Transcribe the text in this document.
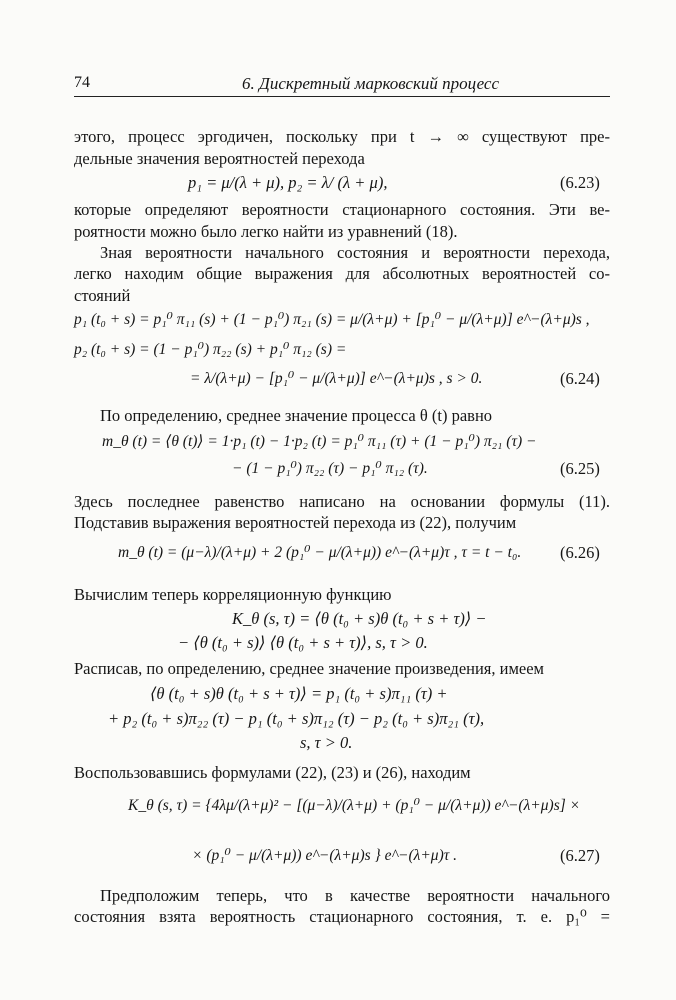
74	6. Дискретный марковский процесс
этого, процесс эргодичен, поскольку при t → ∞ существуют пре-
дельные значения вероятностей перехода
p₁ = μ/(λ + μ), p₂ = λ/ (λ + μ),	(6.23)
которые определяют вероятности стационарного состояния. Эти ве-
роятности можно было легко найти из уравнений (18).
Зная вероятности начального состояния и вероятности перехода,
легко находим общие выражения для абсолютных вероятностей со-
стояний
p₁ (t₀ + s) = p₁⁰ π₁₁ (s) + (1 − p₁⁰) π₂₁ (s) = μ/(λ+μ) + [p₁⁰ − μ/(λ+μ)] e^−(λ+μ)s ,
p₂ (t₀ + s) = (1 − p₁⁰) π₂₂ (s) + p₁⁰ π₁₂ (s) =
= λ/(λ+μ) − [p₁⁰ − μ/(λ+μ)] e^−(λ+μ)s , s > 0.	(6.24)
По определению, среднее значение процесса θ (t) равно
m_θ (t) = ⟨θ (t)⟩ = 1·p₁ (t) − 1·p₂ (t) = p₁⁰ π₁₁ (τ) + (1 − p₁⁰) π₂₁ (τ) −
− (1 − p₁⁰) π₂₂ (τ) − p₁⁰ π₁₂ (τ).	(6.25)
Здесь последнее равенство написано на основании формулы (11).
Подставив выражения вероятностей перехода из (22), получим
m_θ (t) = (μ−λ)/(λ+μ) + 2 (p₁⁰ − μ/(λ+μ)) e^−(λ+μ)τ , τ = t − t₀. (6.26)
Вычислим теперь корреляционную функцию
K_θ (s, τ) = ⟨θ (t₀ + s)θ (t₀ + s + τ)⟩ −
− ⟨θ (t₀ + s)⟩ ⟨θ (t₀ + s + τ)⟩, s, τ > 0.
Расписав, по определению, среднее значение произведения, имеем
⟨θ (t₀ + s)θ (t₀ + s + τ)⟩ = p₁ (t₀ + s)π₁₁ (τ) +
+ p₂ (t₀ + s)π₂₂ (τ) − p₁ (t₀ + s)π₁₂ (τ) − p₂ (t₀ + s)π₂₁ (τ),
s, τ > 0.
Воспользовавшись формулами (22), (23) и (26), находим
K_θ (s, τ) = {4λμ/(λ+μ)² − [(μ−λ)/(λ+μ) + (p₁⁰ − μ/(λ+μ)) e^−(λ+μ)s] ×
× (p₁⁰ − μ/(λ+μ)) e^−(λ+μ)s } e^−(λ+μ)τ .	(6.27)
Предположим теперь, что в качестве вероятности начального
состояния взята вероятность стационарного состояния, т. е. p₁⁰ =
